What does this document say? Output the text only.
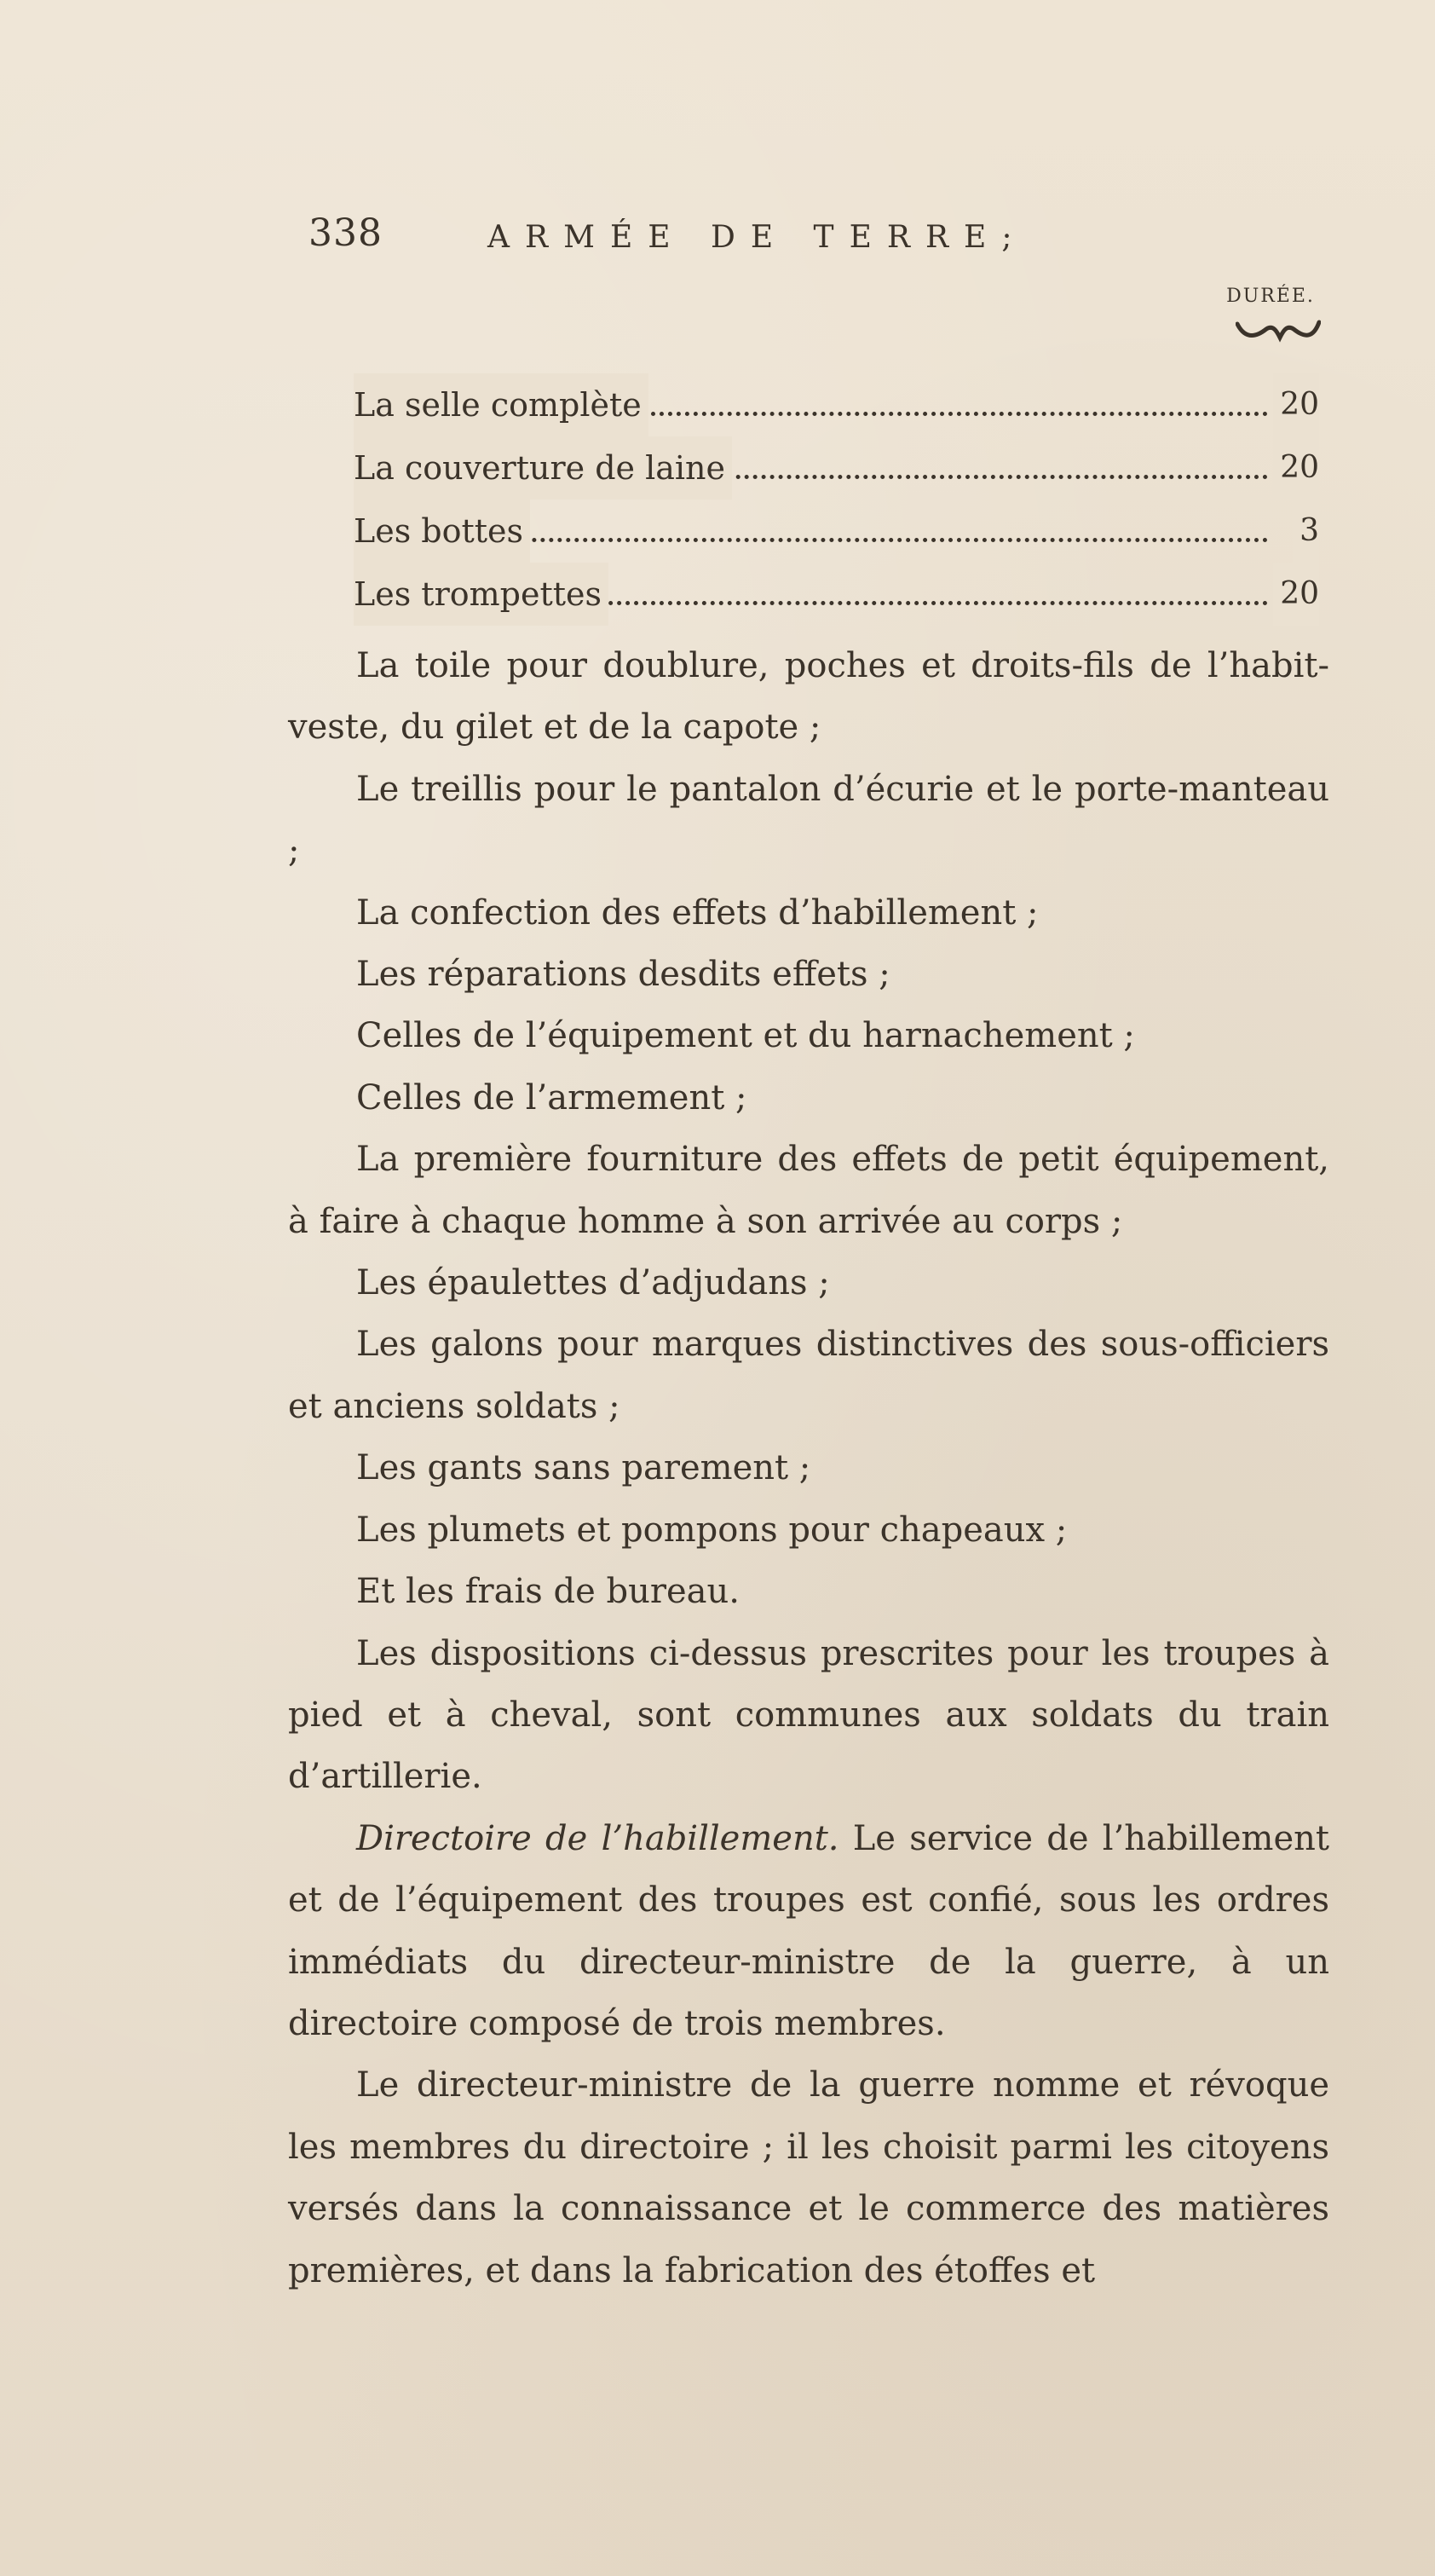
338	ARMÉE DE TERRE;
DURÉE.
La selle complète	20
La couverture de laine	20
Les bottes	3
Les trompettes	20

La toile pour doublure, poches et droits-fils de l’habit-veste, du gilet et de la capote ;

Le treillis pour le pantalon d’écurie et le porte-manteau ;

La confection des effets d’habillement ;

Les réparations desdits effets ;

Celles de l’équipement et du harnachement ;

Celles de l’armement ;

La première fourniture des effets de petit équipement, à faire à chaque homme à son arrivée au corps ;

Les épaulettes d’adjudans ;

Les galons pour marques distinctives des sous-officiers et anciens soldats ;

Les gants sans parement ;

Les plumets et pompons pour chapeaux ;

Et les frais de bureau.

Les dispositions ci-dessus prescrites pour les troupes à pied et à cheval, sont communes aux soldats du train d’artillerie.

Directoire de l’habillement. Le service de l’habillement et de l’équipement des troupes est confié, sous les ordres immédiats du directeur-ministre de la guerre, à un directoire composé de trois membres.

Le directeur-ministre de la guerre nomme et révoque les membres du directoire ; il les choisit parmi les citoyens versés dans la connaissance et le commerce des matières premières, et dans la fabrication des étoffes et
